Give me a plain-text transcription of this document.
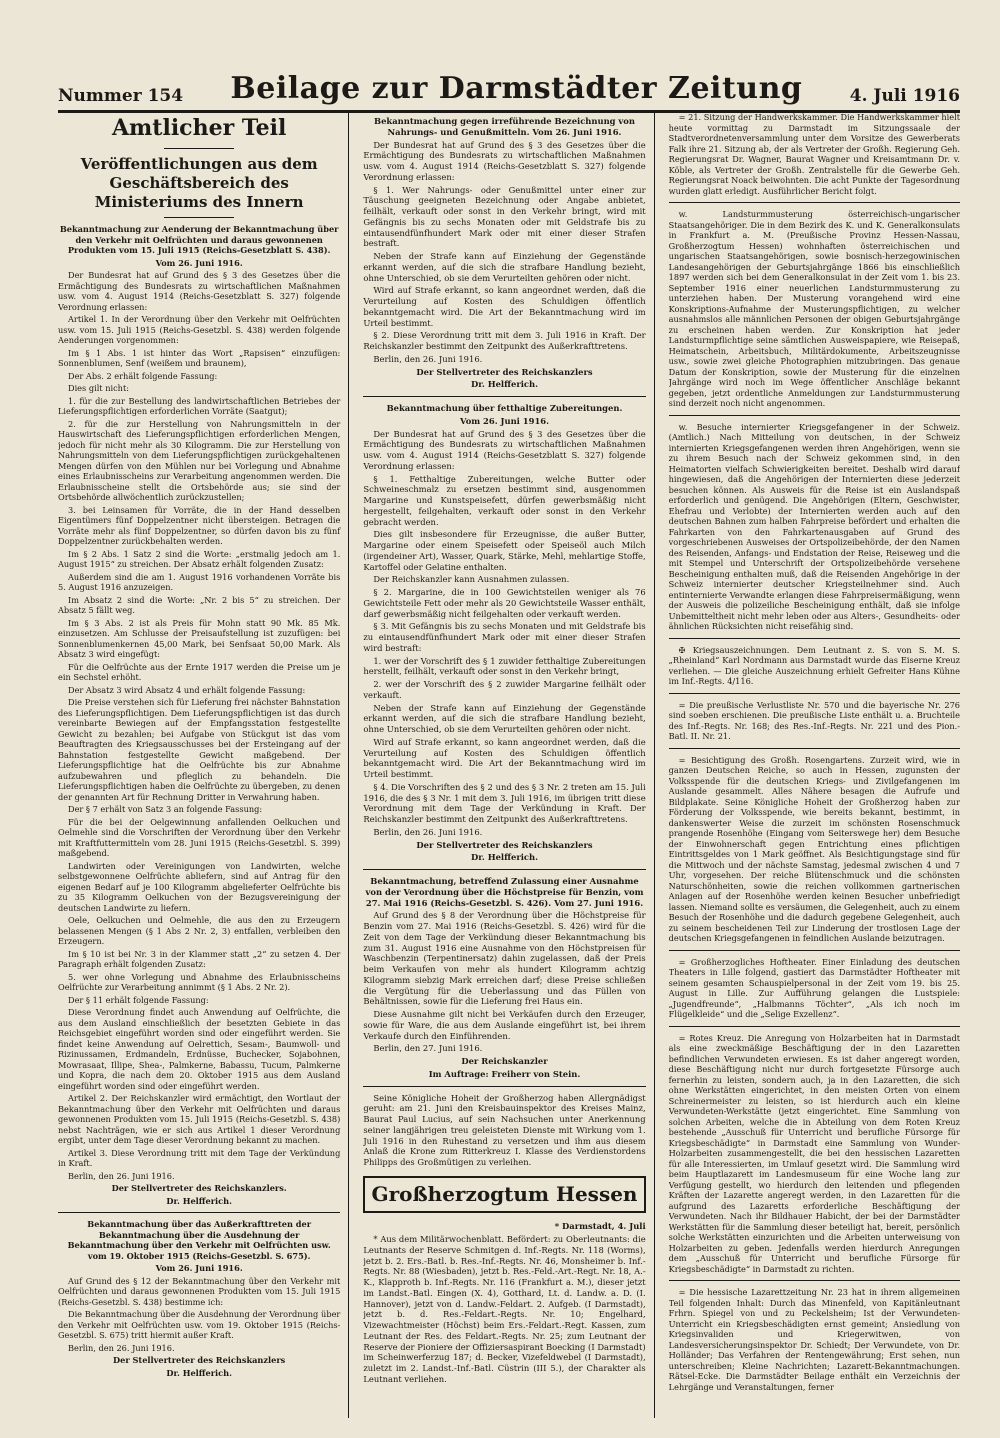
Nummer 154 Beilage zur Darmstädter Zeitung	4. Juli 1916
Amtlicher Teil
Veröffentlichungen aus dem Geschäftsbereich des Ministeriums des Innern

Bekanntmachung zur Aenderung der Bekanntmachung über den Verkehr mit Oelfrüchten und daraus gewonnenen Produkten vom 15. Juli 1915 (Reichs-Gesetzblatt S. 438).

Vom 26. Juni 1916.

Der Bundesrat hat auf Grund des § 3 des Gesetzes über die Ermächtigung des Bundesrats zu wirtschaftlichen Maßnahmen usw. vom 4. August 1914 (Reichs-Gesetzblatt S. 327) folgende Verordnung erlassen:

Artikel 1. In der Verordnung über den Verkehr mit Oelfrüchten usw. vom 15. Juli 1915 (Reichs-Gesetzbl. S. 438) werden folgende Aenderungen vorgenommen:

Im § 1 Abs. 1 ist hinter das Wort „Rapsisen“ einzufügen: Sonnenblumen, Senf (weißem und braunem),

Der Abs. 2 erhält folgende Fassung:

Dies gilt nicht:

1. für die zur Bestellung des landwirtschaftlichen Betriebes der Lieferungspflichtigen erforderlichen Vorräte (Saatgut);

2. für die zur Herstellung von Nahrungsmitteln in der Hauswirtschaft des Lieferungspflichtigen erforderlichen Mengen, jedoch für nicht mehr als 30 Kilogramm. Die zur Herstellung von Nahrungsmitteln von dem Lieferungspflichtigen zurückgehaltenen Mengen dürfen von den Mühlen nur bei Vorlegung und Abnahme eines Erlaubnisscheins zur Verarbeitung angenommen werden. Die Erlaubnisscheine stellt die Ortsbehörde aus; sie sind der Ortsbehörde allwöchentlich zurückzustellen;

3. bei Leinsamen für Vorräte, die in der Hand desselben Eigentümers fünf Doppelzentner nicht übersteigen. Betragen die Vorräte mehr als fünf Doppelzentner, so dürfen davon bis zu fünf Doppelzentner zurückbehalten werden.

Im § 2 Abs. 1 Satz 2 sind die Worte: „erstmalig jedoch am 1. August 1915“ zu streichen. Der Absatz erhält folgenden Zusatz:

Außerdem sind die am 1. August 1916 vorhandenen Vorräte bis 5. August 1916 anzuzeigen.

Im Absatz 2 sind die Worte: „Nr. 2 bis 5“ zu streichen. Der Absatz 5 fällt weg.

Im § 3 Abs. 2 ist als Preis für Mohn statt 90 Mk. 85 Mk. einzusetzen. Am Schlusse der Preisaufstellung ist zuzufügen: bei Sonnenblumenkernen 45,00 Mark, bei Senfsaat 50,00 Mark. Als Absatz 3 wird eingefügt:

Für die Oelfrüchte aus der Ernte 1917 werden die Preise um je ein Sechstel erhöht.

Der Absatz 3 wird Absatz 4 und erhält folgende Fassung:

Die Preise verstehen sich für Lieferung frei nächster Bahnstation des Lieferungspflichtigen. Dem Lieferungspflichtigen ist das durch vereinbarte Bewiegen auf der Empfangsstation festgestellte Gewicht zu bezahlen; bei Aufgabe von Stückgut ist das vom Beauftragten des Kriegsausschusses bei der Ersteingang auf der Bahnstation festgestellte Gewicht maßgebend. Der Lieferungspflichtige hat die Oelfrüchte bis zur Abnahme aufzubewahren und pfleglich zu behandeln. Die Lieferungspflichtigen haben die Oelfrüchte zu übergeben, zu denen der genannten Art für Rechnung Dritter in Verwahrung haben.

Der § 7 erhält von Satz 3 an folgende Fassung:

Für die bei der Oelgewinnung anfallenden Oelkuchen und Oelmehle sind die Vorschriften der Verordnung über den Verkehr mit Kraftfuttermitteln vom 28. Juni 1915 (Reichs-Gesetzbl. S. 399) maßgebend.

Landwirten oder Vereinigungen von Landwirten, welche selbstgewonnene Oelfrüchte abliefern, sind auf Antrag für den eigenen Bedarf auf je 100 Kilogramm abgelieferter Oelfrüchte bis zu 35 Kilogramm Oelkuchen von der Bezugsvereinigung der deutschen Landwirte zu liefern.

Oele, Oelkuchen und Oelmehle, die aus den zu Erzeugern belassenen Mengen (§ 1 Abs 2 Nr. 2, 3) entfallen, verbleiben den Erzeugern.

Im § 10 ist bei Nr. 3 in der Klammer statt „2“ zu setzen 4. Der Paragraph erhält folgenden Zusatz:

5. wer ohne Vorlegung und Abnahme des Erlaubnisscheins Oelfrüchte zur Verarbeitung annimmt (§ 1 Abs. 2 Nr. 2).

Der § 11 erhält folgende Fassung:

Diese Verordnung findet auch Anwendung auf Oelfrüchte, die aus dem Ausland einschließlich der besetzten Gebiete in das Reichsgebiet eingeführt worden sind oder eingeführt werden. Sie findet keine Anwendung auf Oelrettich, Sesam-, Baumwoll- und Rizinussamen, Erdmandeln, Erdnüsse, Buchecker, Sojabohnen, Mowrasaat, Illipe, Shea-, Palmkerne, Babassu, Tucum, Palmkerne und Kopra, die nach dem 20. Oktober 1915 aus dem Ausland eingeführt worden sind oder eingeführt werden.

Artikel 2. Der Reichskanzler wird ermächtigt, den Wortlaut der Bekanntmachung über den Verkehr mit Oelfrüchten und daraus gewonnenen Produkten vom 15. Juli 1915 (Reichs-Gesetzbl. S. 438) nebst Nachträgen, wie er sich aus Artikel 1 dieser Verordnung ergibt, unter dem Tage dieser Verordnung bekannt zu machen.

Artikel 3. Diese Verordnung tritt mit dem Tage der Verkündung in Kraft.

Berlin, den 26. Juni 1916.

Der Stellvertreter des Reichskanzlers.

Dr. Helfferich.

Bekanntmachung über das Außerkrafttreten der Bekanntmachung über die Ausdehnung der Bekanntmachung über den Verkehr mit Oelfrüchten usw. vom 19. Oktober 1915 (Reichs-Gesetzbl. S. 675).

Vom 26. Juni 1916.

Auf Grund des § 12 der Bekanntmachung über den Verkehr mit Oelfrüchten und daraus gewonnenen Produkten vom 15. Juli 1915 (Reichs-Gesetzbl. S. 438) bestimme ich:

Die Bekanntmachung über die Ausdehnung der Verordnung über den Verkehr mit Oelfrüchten usw. vom 19. Oktober 1915 (Reichs-Gesetzbl. S. 675) tritt hiermit außer Kraft.

Berlin, den 26. Juni 1916.

Der Stellvertreter des Reichskanzlers

Dr. Helfferich.

Bekanntmachung gegen irreführende Bezeichnung von Nahrungs- und Genußmitteln. Vom 26. Juni 1916.

Der Bundesrat hat auf Grund des § 3 des Gesetzes über die Ermächtigung des Bundesrats zu wirtschaftlichen Maßnahmen usw. vom 4. August 1914 (Reichs-Gesetzblatt S. 327) folgende Verordnung erlassen:

§ 1. Wer Nahrungs- oder Genußmittel unter einer zur Täuschung geeigneten Bezeichnung oder Angabe anbietet, feilhält, verkauft oder sonst in den Verkehr bringt, wird mit Gefängnis bis zu sechs Monaten oder mit Geldstrafe bis zu eintausendfünfhundert Mark oder mit einer dieser Strafen bestraft.

Neben der Strafe kann auf Einziehung der Gegenstände erkannt werden, auf die sich die strafbare Handlung bezieht, ohne Unterschied, ob sie dem Verurteilten gehören oder nicht.

Wird auf Strafe erkannt, so kann angeordnet werden, daß die Verurteilung auf Kosten des Schuldigen öffentlich bekanntgemacht wird. Die Art der Bekanntmachung wird im Urteil bestimmt.

§ 2. Diese Verordnung tritt mit dem 3. Juli 1916 in Kraft. Der Reichskanzler bestimmt den Zeitpunkt des Außerkrafttretens.

Berlin, den 26. Juni 1916.

Der Stellvertreter des Reichskanzlers

Dr. Helfferich.

Bekanntmachung über fetthaltige Zubereitungen.

Vom 26. Juni 1916.

Der Bundesrat hat auf Grund des § 3 des Gesetzes über die Ermächtigung des Bundesrats zu wirtschaftlichen Maßnahmen usw. vom 4. August 1914 (Reichs-Gesetzblatt S. 327) folgende Verordnung erlassen:

§ 1. Fetthaltige Zubereitungen, welche Butter oder Schweineschmalz zu ersetzen bestimmt sind, ausgenommen Margarine und Kunstspeisefett, dürfen gewerbsmäßig nicht hergestellt, feilgehalten, verkauft oder sonst in den Verkehr gebracht werden.

Dies gilt insbesondere für Erzeugnisse, die außer Butter, Margarine oder einem Speisefett oder Speiseöl auch Milch (irgendeiner Art), Wasser, Quark, Stärke, Mehl, mehlartige Stoffe, Kartoffel oder Gelatine enthalten.

Der Reichskanzler kann Ausnahmen zulassen.

§ 2. Margarine, die in 100 Gewichtsteilen weniger als 76 Gewichtsteile Fett oder mehr als 20 Gewichtsteile Wasser enthält, darf gewerbsmäßig nicht feilgehalten oder verkauft werden.

§ 3. Mit Gefängnis bis zu sechs Monaten und mit Geldstrafe bis zu eintausendfünfhundert Mark oder mit einer dieser Strafen wird bestraft:

1. wer der Vorschrift des § 1 zuwider fetthaltige Zubereitungen herstellt, feilhält, verkauft oder sonst in den Verkehr bringt,

2. wer der Vorschrift des § 2 zuwider Margarine feilhält oder verkauft.

Neben der Strafe kann auf Einziehung der Gegenstände erkannt werden, auf die sich die strafbare Handlung bezieht, ohne Unterschied, ob sie dem Verurteilten gehören oder nicht.

Wird auf Strafe erkannt, so kann angeordnet werden, daß die Verurteilung auf Kosten des Schuldigen öffentlich bekanntgemacht wird. Die Art der Bekanntmachung wird im Urteil bestimmt.

§ 4. Die Vorschriften des § 2 und des § 3 Nr. 2 treten am 15. Juli 1916, die des § 3 Nr. 1 mit dem 3. Juli 1916, im übrigen tritt diese Verordnung mit dem Tage der Verkündung in Kraft. Der Reichskanzler bestimmt den Zeitpunkt des Außerkrafttretens.

Berlin, den 26. Juni 1916.

Der Stellvertreter des Reichskanzlers

Dr. Helfferich.

Bekanntmachung, betreffend Zulassung einer Ausnahme von der Verordnung über die Höchstpreise für Benzin, vom 27. Mai 1916 (Reichs-Gesetzbl. S. 426). Vom 27. Juni 1916.

Auf Grund des § 8 der Verordnung über die Höchstpreise für Benzin vom 27. Mai 1916 (Reichs-Gesetzbl. S. 426) wird für die Zeit von dem Tage der Verkündung dieser Bekanntmachung bis zum 31. August 1916 eine Ausnahme von den Höchstpreisen für Waschbenzin (Terpentinersatz) dahin zugelassen, daß der Preis beim Verkaufen von mehr als hundert Kilogramm achtzig Kilogramm siebzig Mark erreichen darf; diese Preise schließen die Vergütung für die Ueberlassung und das Füllen von Behältnissen, sowie für die Lieferung frei Haus ein.

Diese Ausnahme gilt nicht bei Verkäufen durch den Erzeuger, sowie für Ware, die aus dem Auslande eingeführt ist, bei ihrem Verkaufe durch den Einführenden.

Berlin, den 27. Juni 1916.

Der Reichskanzler

Im Auftrage: Freiherr von Stein.

Seine Königliche Hoheit der Großherzog haben Allergnädigst geruht: am 21. Juni den Kreisbauinspektor des Kreises Mainz, Baurat Paul Lucius, auf sein Nachsuchen unter Anerkennung seiner langjährigen treu geleisteten Dienste mit Wirkung vom 1. Juli 1916 in den Ruhestand zu versetzen und ihm aus diesem Anlaß die Krone zum Ritterkreuz I. Klasse des Verdienstordens Philipps des Großmütigen zu verleihen.

Großherzogtum Hessen

* Darmstadt, 4. Juli

* Aus dem Militärwochenblatt. Befördert: zu Oberleutnants: die Leutnants der Reserve Schmitgen d. Inf.-Regts. Nr. 118 (Worms), jetzt b. 2. Ers.-Batl. b. Res.-Inf.-Regts. Nr. 46, Monsheimer b. Inf.-Regts. Nr. 88 (Wiesbaden), jetzt b. Res.-Feld.-Art.-Regt. Nr. 18, A.-K., Klapproth b. Inf.-Regts. Nr. 116 (Frankfurt a. M.), dieser jetzt im Landst.-Batl. Eingen (X. 4), Gotthard, Lt. d. Landw. a. D. (I. Hannover), jetzt von d. Landw.-Feldart. 2. Aufgeb. (I Darmstadt), jetzt b. d. Res.-Feldart.-Regts. Nr. 10; Engelhard, Vizewachtmeister (Höchst) beim Ers.-Feldart.-Regt. Kassen, zum Leutnant der Res. des Feldart.-Regts. Nr. 25; zum Leutnant der Reserve der Pioniere der Offiziersaspirant Boecking (I Darmstadt) im Scheinwerferzug 187; d. Becker, Vizefeldwebel (I Darmstadt), zuletzt im 2. Landst.-Inf.-Batl. Cüstrin (III 5.), der Charakter als Leutnant verliehen.

= 21. Sitzung der Handwerkskammer. Die Handwerkskammer hielt heute vormittag zu Darmstadt im Sitzungssaale der Stadtverordnetenversammlung unter dem Vorsitze des Gewerberats Falk ihre 21. Sitzung ab, der als Vertreter der Großh. Regierung Geh. Regierungsrat Dr. Wagner, Baurat Wagner und Kreisamtmann Dr. v. Köble, als Vertreter der Großh. Zentralstelle für die Gewerbe Geh. Regierungsrat Noack beiwohnten. Die acht Punkte der Tagesordnung wurden glatt erledigt. Ausführlicher Bericht folgt.

w. Landsturmmusterung österreichisch-ungarischer Staatsangehöriger. Die in dem Bezirk des K. und K. Generalkonsulats in Frankfurt a. M. (Preußische Provinz Hessen-Nassau, Großherzogtum Hessen) wohnhaften österreichischen und ungarischen Staatsangehörigen, sowie bosnisch-herzegowinischen Landesangehörigen der Geburtsjahrgänge 1866 bis einschließlich 1897 werden sich bei dem Generalkonsulat in der Zeit vom 1. bis 23. September 1916 einer neuerlichen Landsturmmusterung zu unterziehen haben. Der Musterung vorangehend wird eine Konskriptions-Aufnahme der Musterungspflichtigen, zu welcher ausnahmslos alle männlichen Personen der obigen Geburtsjahrgänge zu erscheinen haben werden. Zur Konskription hat jeder Landsturmpflichtige seine sämtlichen Ausweispapiere, wie Reisepaß, Heimatschein, Arbeitsbuch, Militärdokumente, Arbeitszeugnisse usw., sowie zwei gleiche Photographien mitzubringen. Das genaue Datum der Konskription, sowie der Musterung für die einzelnen Jahrgänge wird noch im Wege öffentlicher Anschläge bekannt gegeben, jetzt ordentliche Anmeldungen zur Landsturmmusterung sind derzeit noch nicht angenommen.

w. Besuche internierter Kriegsgefangener in der Schweiz. (Amtlich.) Nach Mitteilung von deutschen, in der Schweiz internierten Kriegsgefangenen werden ihren Angehörigen, wenn sie zu ihrem Besuch nach der Schweiz gekommen sind, in den Heimatorten vielfach Schwierigkeiten bereitet. Deshalb wird darauf hingewiesen, daß die Angehörigen der Internierten diese jederzeit besuchen können. Als Ausweis für die Reise ist ein Auslandspaß erforderlich und genügend. Die Angehörigen (Eltern, Geschwister, Ehefrau und Verlobte) der Internierten werden auch auf den deutschen Bahnen zum halben Fahrpreise befördert und erhalten die Fahrkarten von den Fahrkartenausgaben auf Grund des vorgeschriebenen Ausweises der Ortspolizeibehörde, der den Namen des Reisenden, Anfangs- und Endstation der Reise, Reiseweg und die mit Stempel und Unterschrift der Ortspolizeibehörde versehene Bescheinigung enthalten muß, daß die Reisenden Angehörige in der Schweiz internierter deutscher Kriegsteilnehmer sind. Auch entinternierte Verwandte erlangen diese Fahrpreisermäßigung, wenn der Ausweis die polizeiliche Bescheinigung enthält, daß sie infolge Unbemitteltheit nicht mehr leben oder aus Alters-, Gesundheits- oder ähnlichen Rücksichten nicht reisefähig sind.

✠ Kriegsauszeichnungen. Dem Leutnant z. S. von S. M. S. „Rheinland“ Karl Nordmann aus Darmstadt wurde das Eiserne Kreuz verliehen. — Die gleiche Auszeichnung erhielt Gefreiter Hans Kühne im Inf.-Regts. 4/116.

= Die preußische Verlustliste Nr. 570 und die bayerische Nr. 276 sind soeben erschienen. Die preußische Liste enthält u. a. Bruchteile des Inf.-Regts. Nr. 168; des Res.-Inf.-Regts. Nr. 221 und des Pion.-Batl. II. Nr. 21.

= Besichtigung des Großh. Rosengartens. Zurzeit wird, wie in ganzen Deutschen Reiche, so auch in Hessen, zugunsten der Volksspende für die deutschen Kriegs- und Zivilgefangenen im Auslande gesammelt. Alles Nähere besagen die Aufrufe und Bildplakate. Seine Königliche Hoheit der Großherzog haben zur Förderung der Volksspende, wie bereits bekannt, bestimmt, in dankenswerter Weise die zurzeit im schönsten Rosenschmuck prangende Rosenhöhe (Eingang vom Seiterswege her) dem Besuche der Einwohnerschaft gegen Entrichtung eines pflichtigen Eintrittsgeldes von 1 Mark geöffnet. Als Besichtigungstage sind für die Mittwoch und der nächste Samstag, jedesmal zwischen 4 und 7 Uhr, vorgesehen. Der reiche Blütenschmuck und die schönsten Naturschönheiten, sowie die reichen vollkommen gartnerischen Anlagen auf der Rosenhöhe werden keinen Besucher unbefriedigt lassen. Niemand sollte es versäumen, die Gelegenheit, auch zu einem Besuch der Rosenhöhe und die dadurch gegebene Gelegenheit, auch zu seinem bescheidenen Teil zur Linderung der trostlosen Lage der deutschen Kriegsgefangenen in feindlichen Auslande beizutragen.

= Großherzogliches Hoftheater. Einer Einladung des deutschen Theaters in Lille folgend, gastiert das Darmstädter Hoftheater mit seinem gesamten Schauspielpersonal in der Zeit vom 19. bis 25. August in Lille. Zur Aufführung gelangen die Lustspiele: „Jugendfreunde“, „Halbmanns Töchter“, „Als ich noch im Flügelkleide“ und die „Selige Exzellenz“.

= Rotes Kreuz. Die Anregung von Holzarbeiten hat in Darmstadt als eine zweckmäßige Beschäftigung der in den Lazaretten befindlichen Verwundeten erwiesen. Es ist daher angeregt worden, diese Beschäftigung nicht nur durch fortgesetzte Fürsorge auch fernerhin zu leisten, sondern auch, ja in den Lazaretten, die sich ohne Werkstätten eingerichtet, in den meisten Orten von einem Schreinermeister zu leisten, so ist hierdurch auch ein kleine Verwundeten-Werkstätte (jetzt eingerichtet. Eine Sammlung von solchen Arbeiten, welche die in Abteilung von dem Roten Kreuz bestehende „Ausschuß für Unterricht und berufliche Fürsorge für Kriegsbeschädigte“ in Darmstadt eine Sammlung von Wunder-Holzarbeiten zusammengestellt, die bei den hessischen Lazaretten für alle Interessierten, im Umlauf gesetzt wird. Die Sammlung wird beim Hauptlazarett im Landesmuseum für eine Woche lang zur Verfügung gestellt, wo hierdurch den leitenden und pflegenden Kräften der Lazarette angeregt werden, in den Lazaretten für die aufgrund des Lazaretts erforderliche Beschäftigung der Verwundeten. Nach ihr Bildhauer Habicht, der bei der Darmstädter Werkstätten für die Sammlung dieser beteiligt hat, bereit, persönlich solche Werkstätten einzurichten und die Arbeiten unterweisung von Holzarbeiten zu geben. Jedenfalls werden hierdurch Anregungen dem „Ausschuß für Unterricht und berufliche Fürsorge für Kriegsbeschädigte“ in Darmstadt zu richten.

= Die hessische Lazarettzeitung Nr. 23 hat in ihrem allgemeinen Teil folgenden Inhalt: Durch das Minenfeld, von Kapitänleutnant Frhrn. Spiegel von und zu Peckelsheim; Ist der Verwundeten-Unterricht ein Kriegsbeschädigten ernst gemeint; Ansiedlung von Kriegsinvaliden und Kriegerwitwen, von Landesversicherungsinspektor Dr. Schiedt; Der Verwundete, von Dr. Holländer; Das Verfahren der Rentengewährung; Erst sehen, nun unterschreiben; Kleine Nachrichten; Lazarett-Bekanntmachungen. Rätsel-Ecke. Die Darmstädter Beilage enthält ein Verzeichnis der Lehrgänge und Veranstaltungen, ferner
